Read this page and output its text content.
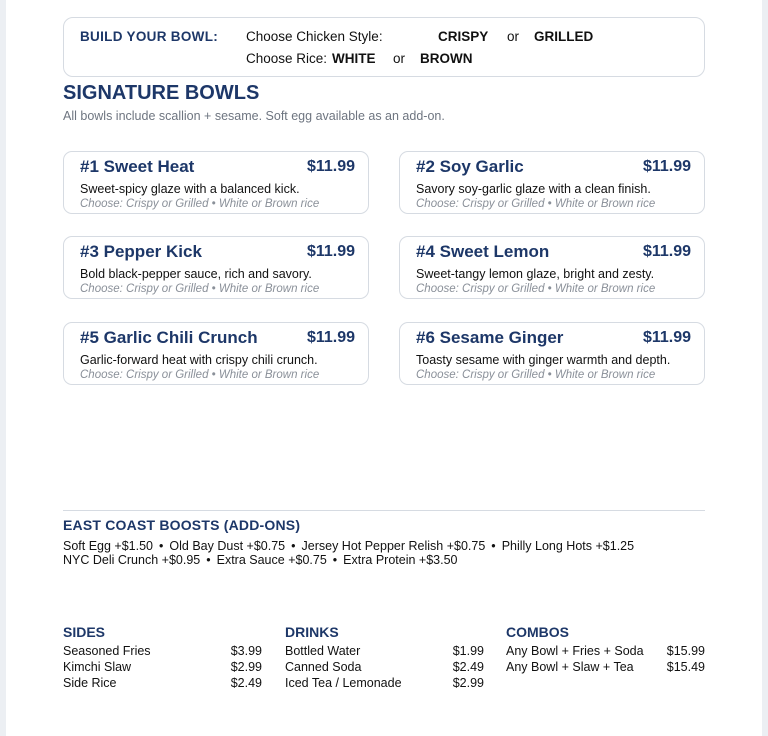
BUILD YOUR BOWL: Choose Chicken Style:	CRISPY or GRILLED
Choose Rice: WHITE or BROWN
SIGNATURE BOWLS
All bowls include scallion + sesame. Soft egg available as an add-on.
#1 Sweet Heat	$11.99
Sweet-spicy glaze with a balanced kick.
Choose: Crispy or Grilled • White or Brown rice
#2 Soy Garlic	$11.99
Savory soy-garlic glaze with a clean finish.
Choose: Crispy or Grilled • White or Brown rice
#3 Pepper Kick	$11.99
Bold black-pepper sauce, rich and savory.
Choose: Crispy or Grilled • White or Brown rice
#4 Sweet Lemon	$11.99
Sweet-tangy lemon glaze, bright and zesty.
Choose: Crispy or Grilled • White or Brown rice
#5 Garlic Chili Crunch	$11.99
Garlic-forward heat with crispy chili crunch.
Choose: Crispy or Grilled • White or Brown rice
#6 Sesame Ginger	$11.99
Toasty sesame with ginger warmth and depth.
Choose: Crispy or Grilled • White or Brown rice
EAST COAST BOOSTS (ADD-ONS)
Soft Egg +$1.50 • Old Bay Dust +$0.75 • Jersey Hot Pepper Relish +$0.75 • Philly Long Hots +$1.25
NYC Deli Crunch +$0.95 • Extra Sauce +$0.75 • Extra Protein +$3.50
SIDES
Seasoned Fries	$3.99
Kimchi Slaw	$2.99
Side Rice	$2.49
DRINKS
Bottled Water	$1.99
Canned Soda	$2.49
Iced Tea / Lemonade	$2.99
COMBOS
Any Bowl + Fries + Soda $15.99
Any Bowl + Slaw + Tea	$15.49
